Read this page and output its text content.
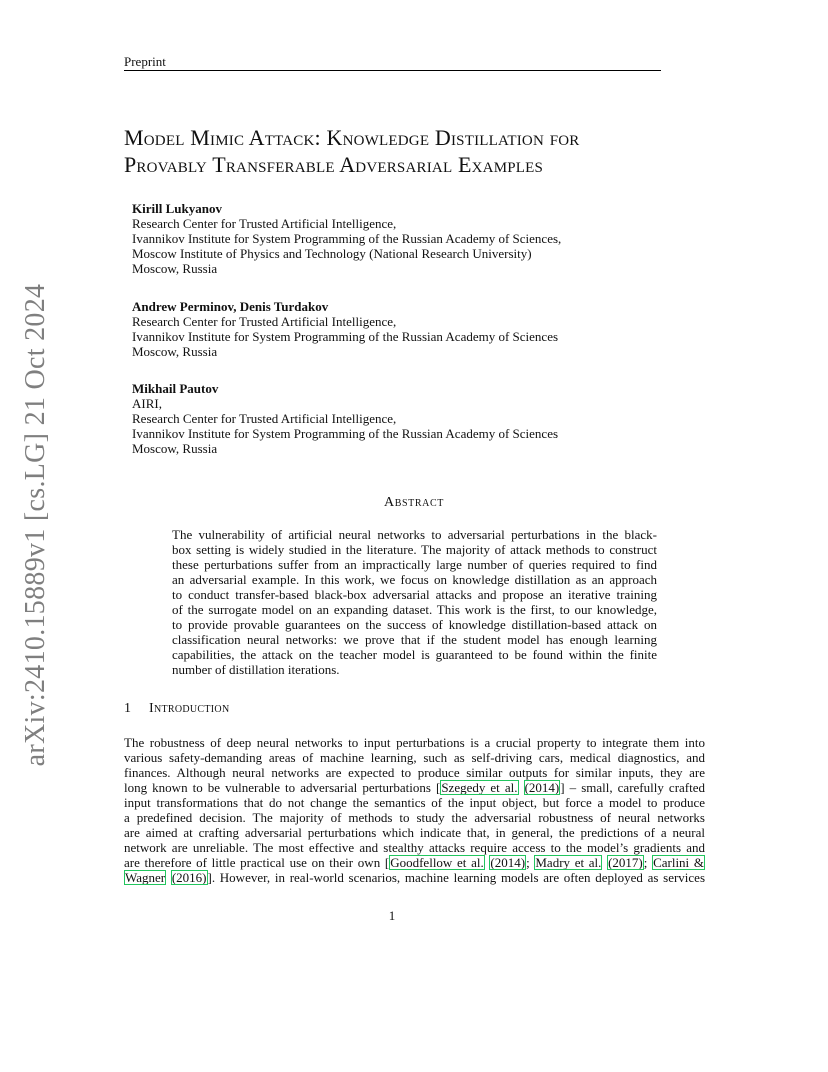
Preprint
arXiv:2410.15889v1 [cs.LG] 21 Oct 2024
Model Mimic Attack: Knowledge Distillation for
Provably Transferable Adversarial Examples
Kirill Lukyanov
Research Center for Trusted Artificial Intelligence,
Ivannikov Institute for System Programming of the Russian Academy of Sciences,
Moscow Institute of Physics and Technology (National Research University)
Moscow, Russia
Andrew Perminov, Denis Turdakov
Research Center for Trusted Artificial Intelligence,
Ivannikov Institute for System Programming of the Russian Academy of Sciences
Moscow, Russia
Mikhail Pautov
AIRI,
Research Center for Trusted Artificial Intelligence,
Ivannikov Institute for System Programming of the Russian Academy of Sciences
Moscow, Russia
Abstract
The vulnerability of artificial neural networks to adversarial perturbations in the black-
box setting is widely studied in the literature. The majority of attack methods to construct
these perturbations suffer from an impractically large number of queries required to find
an adversarial example. In this work, we focus on knowledge distillation as an approach
to conduct transfer-based black-box adversarial attacks and propose an iterative training
of the surrogate model on an expanding dataset. This work is the first, to our knowledge,
to provide provable guarantees on the success of knowledge distillation-based attack on
classification neural networks: we prove that if the student model has enough learning
capabilities, the attack on the teacher model is guaranteed to be found within the finite
number of distillation iterations.
1 Introduction
The robustness of deep neural networks to input perturbations is a crucial property to integrate them into
various safety-demanding areas of machine learning, such as self-driving cars, medical diagnostics, and
finances. Although neural networks are expected to produce similar outputs for similar inputs, they are
long known to be vulnerable to adversarial perturbations [Szegedy et al. (2014)] – small, carefully crafted
input transformations that do not change the semantics of the input object, but force a model to produce
a predefined decision. The majority of methods to study the adversarial robustness of neural networks
are aimed at crafting adversarial perturbations which indicate that, in general, the predictions of a neural
network are unreliable. The most effective and stealthy attacks require access to the model’s gradients and
are therefore of little practical use on their own [Goodfellow et al. (2014); Madry et al. (2017); Carlini &
Wagner (2016)]. However, in real-world scenarios, machine learning models are often deployed as services
1
